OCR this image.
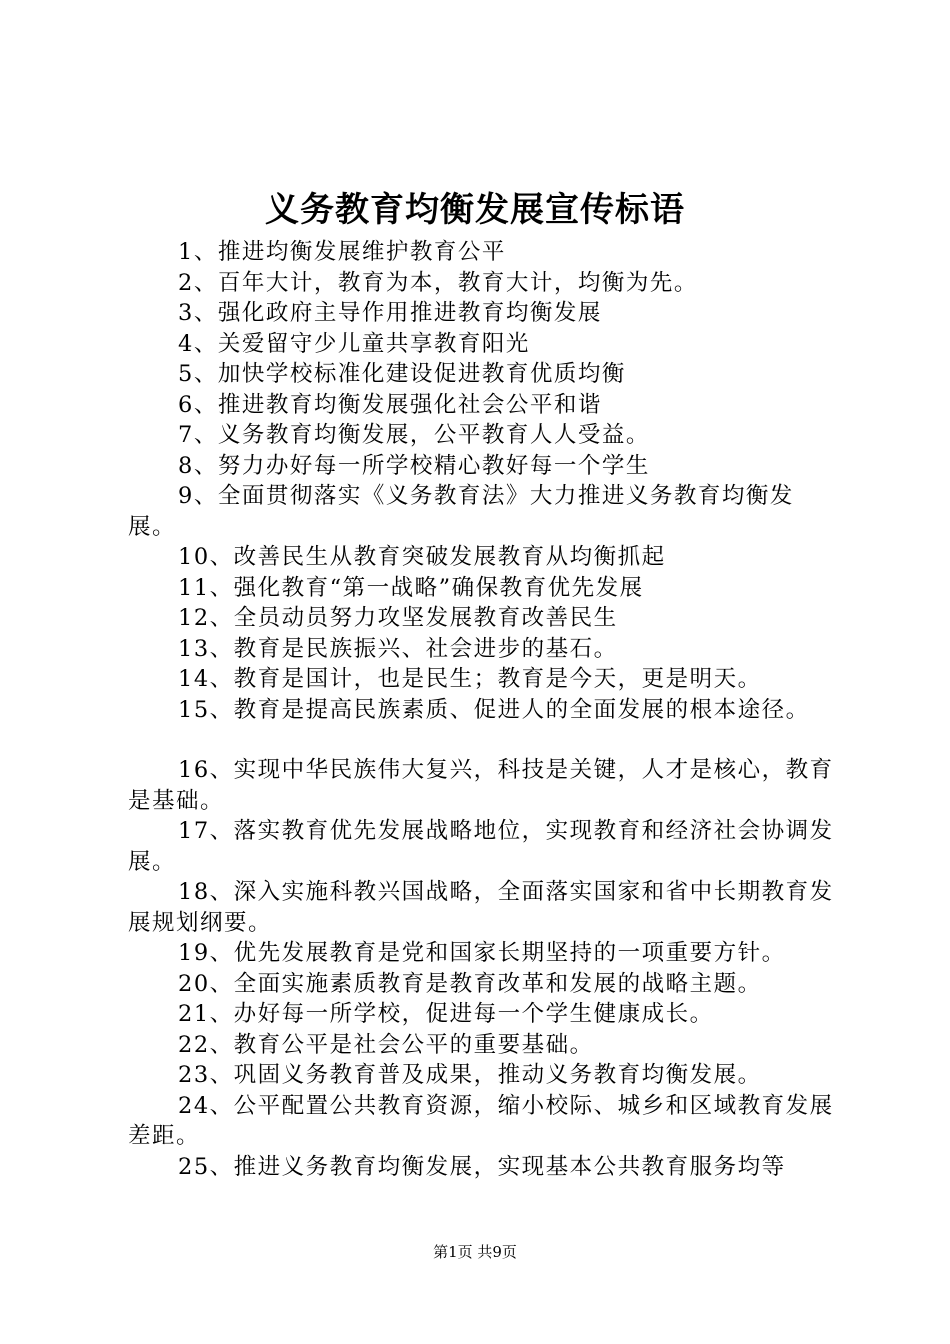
义务教育均衡发展宣传标语

1、推进均衡发展维护教育公平

2、百年大计，教育为本，教育大计，均衡为先。

3、强化政府主导作用推进教育均衡发展

4、关爱留守少儿童共享教育阳光

5、加快学校标准化建设促进教育优质均衡

6、推进教育均衡发展强化社会公平和谐

7、义务教育均衡发展，公平教育人人受益。

8、努力办好每一所学校精心教好每一个学生

9、全面贯彻落实《义务教育法》大力推进义务教育均衡发展。

10、改善民生从教育突破发展教育从均衡抓起

11、强化教育“第一战略”确保教育优先发展

12、全员动员努力攻坚发展教育改善民生

13、教育是民族振兴、社会进步的基石。

14、教育是国计，也是民生；教育是今天，更是明天。

15、教育是提高民族素质、促进人的全面发展的根本途径。

16、实现中华民族伟大复兴，科技是关键，人才是核心，教育是基础。

17、落实教育优先发展战略地位，实现教育和经济社会协调发展。

18、深入实施科教兴国战略，全面落实国家和省中长期教育发展规划纲要。

19、优先发展教育是党和国家长期坚持的一项重要方针。

20、全面实施素质教育是教育改革和发展的战略主题。

21、办好每一所学校，促进每一个学生健康成长。

22、教育公平是社会公平的重要基础。

23、巩固义务教育普及成果，推动义务教育均衡发展。

24、公平配置公共教育资源，缩小校际、城乡和区域教育发展差距。

25、推进义务教育均衡发展，实现基本公共教育服务均等

第1页 共9页
